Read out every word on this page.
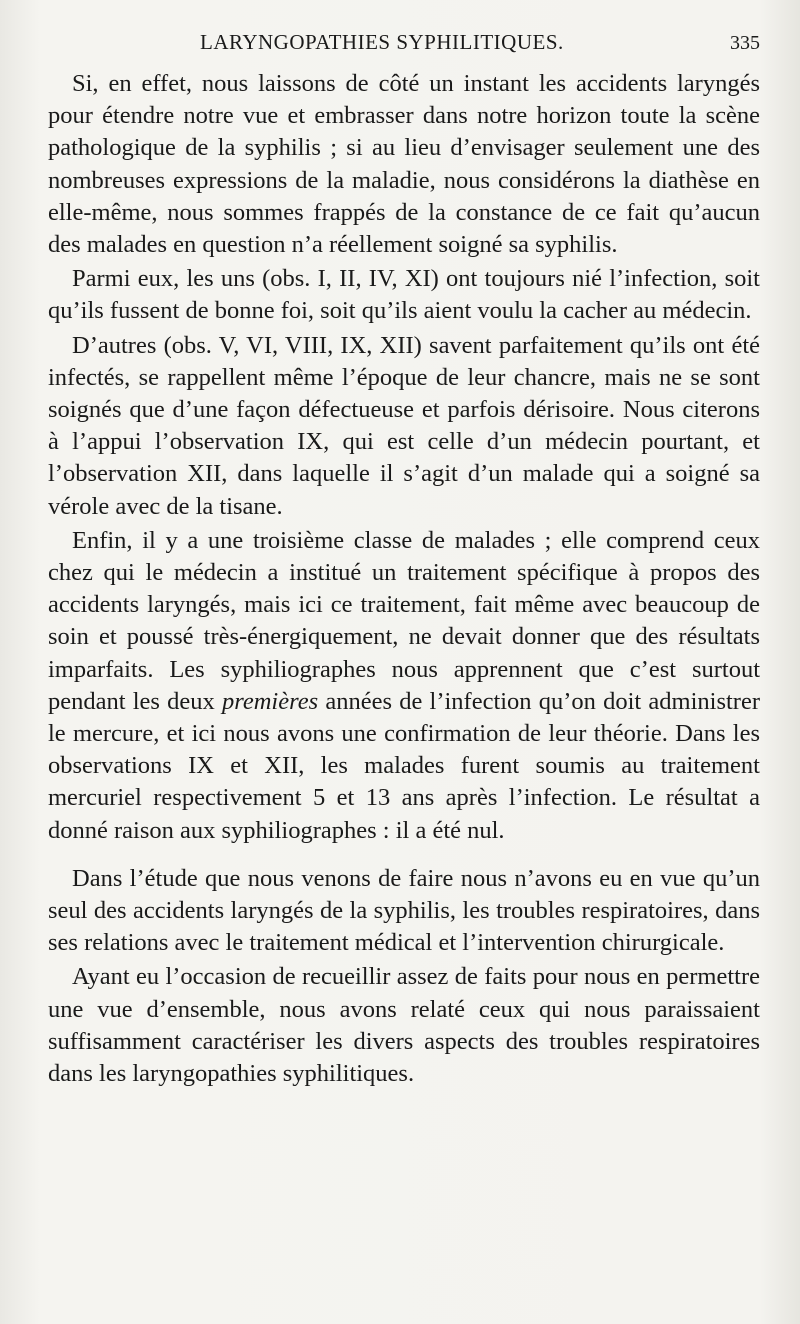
LARYNGOPATHIES SYPHILITIQUES.	335

Si, en effet, nous laissons de côté un instant les accidents laryngés pour étendre notre vue et embrasser dans notre horizon toute la scène pathologique de la syphilis ; si au lieu d’envisager seulement une des nombreuses expressions de la maladie, nous considérons la diathèse en elle-même, nous sommes frappés de la constance de ce fait qu’aucun des malades en question n’a réellement soigné sa syphilis.

Parmi eux, les uns (obs. I, II, IV, XI) ont toujours nié l’infection, soit qu’ils fussent de bonne foi, soit qu’ils aient voulu la cacher au médecin.

D’autres (obs. V, VI, VIII, IX, XII) savent parfaitement qu’ils ont été infectés, se rappellent même l’époque de leur chancre, mais ne se sont soignés que d’une façon défectueuse et parfois dérisoire. Nous citerons à l’appui l’observation IX, qui est celle d’un médecin pourtant, et l’observation XII, dans laquelle il s’agit d’un malade qui a soigné sa vérole avec de la tisane.

Enfin, il y a une troisième classe de malades ; elle comprend ceux chez qui le médecin a institué un traitement spécifique à propos des accidents laryngés, mais ici ce traitement, fait même avec beaucoup de soin et poussé très-énergiquement, ne devait donner que des résultats imparfaits. Les syphiliographes nous apprennent que c’est surtout pendant les deux premières années de l’infection qu’on doit administrer le mercure, et ici nous avons une confirmation de leur théorie. Dans les observations IX et XII, les malades furent soumis au traitement mercuriel respectivement 5 et 13 ans après l’infection. Le résultat a donné raison aux syphiliographes : il a été nul.

Dans l’étude que nous venons de faire nous n’avons eu en vue qu’un seul des accidents laryngés de la syphilis, les troubles respiratoires, dans ses relations avec le traitement médical et l’intervention chirurgicale.

Ayant eu l’occasion de recueillir assez de faits pour nous en permettre une vue d’ensemble, nous avons relaté ceux qui nous paraissaient suffisamment caractériser les divers aspects des troubles respiratoires dans les laryngopathies syphilitiques.
